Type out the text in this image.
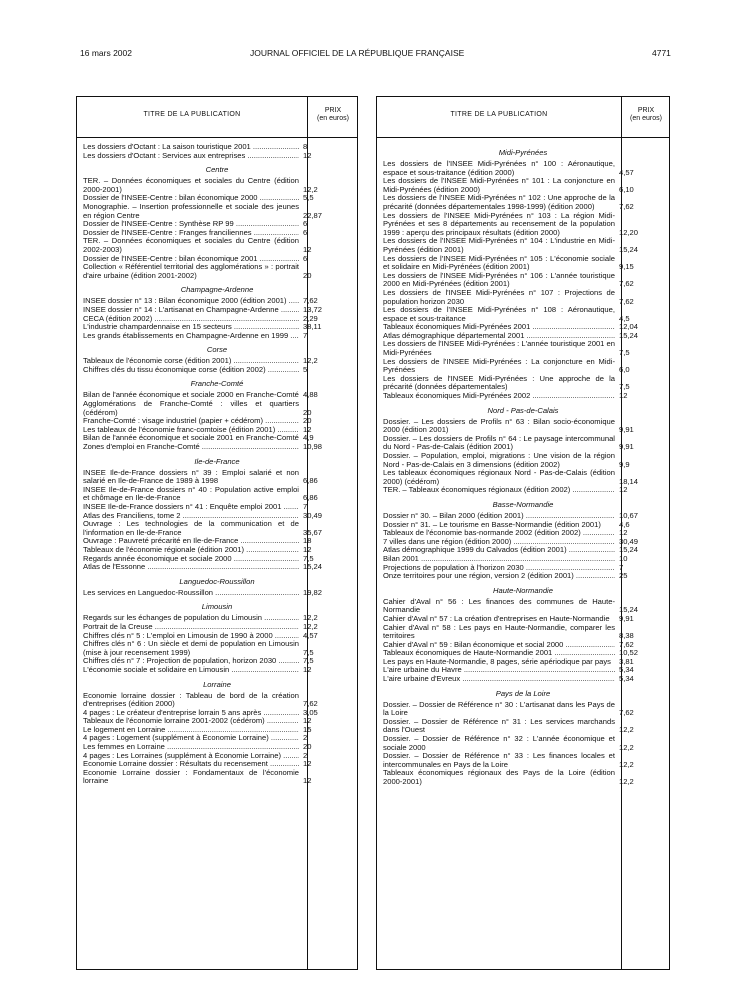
16 mars 2002	JOURNAL OFFICIEL DE LA RÉPUBLIQUE FRANÇAISE	4771
TITRE DE LA PUBLICATION
PRIX
(en euros)
Les dossiers d'Octant : La saison touristique 2001 .....	8
Les dossiers d'Octant : Services aux entreprises .....	12
Centre
TER. – Données économiques et sociales du Centre (édition 2000-2001)	12,2
Dossier de l'INSEE-Centre : bilan économique 2000 .....	5,5
Monographie. – Insertion professionnelle et sociale des jeunes en région Centre	22,87
Dossier de l'INSEE-Centre : Synthèse RP 99 .....	6
Dossier de l'INSEE-Centre : Franges franciliennes .....	6
TER. – Données économiques et sociales du Centre (édition 2002-2003)	12
Dossier de l'INSEE-Centre : bilan économique 2001 .....	6
Collection « Référentiel territorial des agglomérations » : portrait d'aire urbaine (édition 2001-2002)	20
Champagne-Ardenne
INSEE dossier n° 13 : Bilan économique 2000 (édition 2001) .....	7,62
INSEE dossier n° 14 : L'artisanat en Champagne-Ardenne .....	13,72
CECA (édition 2002) .....	2,29
L'industrie champardennaise en 15 secteurs .....	38,11
Les grands établissements en Champagne-Ardenne en 1999 .....	7
Corse
Tableaux de l'économie corse (édition 2001) .....	12,2
Chiffres clés du tissu économique corse (édition 2002) .....	5
Franche-Comté
Bilan de l'année économique et sociale 2000 en Franche-Comté 4,88
Agglomérations de Franche-Comté : villes et quartiers (cédérom)	20
Franche-Comté : visage industriel (papier + cédérom) .....	20
Les tableaux de l'économie franc-comtoise (édition 2001) .....	12
Bilan de l'année économique et sociale 2001 en Franche-Comté 4,9
Zones d'emploi en Franche-Comté .....	10,98
Ile-de-France
INSEE Ile-de-France dossiers n° 39 : Emploi salarié et non salarié en Ile-de-France de 1989 à 1998	6,86
INSEE Ile-de-France dossiers n° 40 : Population active emploi et chômage en Ile-de-France	6,86
INSEE Ile-de-France dossiers n° 41 : Enquête emploi 2001 .....	7
Atlas des Franciliens, tome 2 .....	30,49
Ouvrage : Les technologies de la communication et de l'information en Ile-de-France	35,67
Ouvrage : Pauvreté précarité en Ile-de-France .....	18
Tableaux de l'économie régionale (édition 2001) .....	12
Regards année économique et sociale 2000 .....	7,5
Atlas de l'Essonne .....	15,24
Languedoc-Roussillon
Les services en Languedoc-Roussillon .....	19,82
Limousin
Regards sur les échanges de population du Limousin .....	12,2
Portrait de la Creuse .....	12,2
Chiffres clés n° 5 : L'emploi en Limousin de 1990 à 2000 .....	4,57
Chiffres clés n° 6 : Un siècle et demi de population en Limousin (mise à jour recensement 1999)	7,5
Chiffres clés n° 7 : Projection de population, horizon 2030 .....	7,5
L'économie sociale et solidaire en Limousin .....	12
Lorraine
Economie lorraine dossier : Tableau de bord de la création d'entreprises (édition 2000)	7,62
4 pages : Le créateur d'entreprise lorrain 5 ans après .....	3,05
Tableaux de l'économie lorraine 2001-2002 (cédérom) .....	12
Le logement en Lorraine .....	15
4 pages : Logement (supplément à Économie Lorraine) .....	2
Les femmes en Lorraine .....	20
4 pages : Les Lorraines (supplément à Économie Lorraine) .....	2
Economie Lorraine dossier : Résultats du recensement .....	12
Economie Lorraine dossier : Fondamentaux de l'économie lorraine	12
TITRE DE LA PUBLICATION
PRIX
(en euros)
Midi-Pyrénées
Les dossiers de l'INSEE Midi-Pyrénées n° 100 : Aéronautique, espace et sous-traitance (édition 2000)	4,57
Les dossiers de l'INSEE Midi-Pyrénées n° 101 : La conjoncture en Midi-Pyrénées (édition 2000)	6,10
Les dossiers de l'INSEE Midi-Pyrénées n° 102 : Une approche de la précarité (données départementales 1998-1999) (édition 2000)	7,62
Les dossiers de l'INSEE Midi-Pyrénées n° 103 : La région Midi-Pyrénées et ses 8 départements au recensement de la population 1999 : aperçu des principaux résultats (édition 2000)	12,20
Les dossiers de l'INSEE Midi-Pyrénées n° 104 : L'industrie en Midi-Pyrénées (édition 2001)	15,24
Les dossiers de l'INSEE Midi-Pyrénées n° 105 : L'économie sociale et solidaire en Midi-Pyrénées (édition 2001)	9,15
Les dossiers de l'INSEE Midi-Pyrénées n° 106 : L'année touristique 2000 en Midi-Pyrénées (édition 2001)	7,62
Les dossiers de l'INSEE Midi-Pyrénées n° 107 : Projections de population horizon 2030	7,62
Les dossiers de l'INSEE Midi-Pyrénées n° 108 : Aéronautique, espace et sous-traitance	4,5
Tableaux économiques Midi-Pyrénées 2001 .....	12,04
Atlas démographique départemental 2001 .....	15,24
Les dossiers de l'INSEE Midi-Pyrénées : L'année touristique 2001 en Midi-Pyrénées	7,5
Les dossiers de l'INSEE Midi-Pyrénées : La conjoncture en Midi-Pyrénées	6,0
Les dossiers de l'INSEE Midi-Pyrénées : Une approche de la précarité (données départementales)	7,5
Tableaux économiques Midi-Pyrénées 2002 .....	12
Nord - Pas-de-Calais
Dossier. – Les dossiers de Profils n° 63 : Bilan socio-économique 2000 (édition 2001)	9,91
Dossier. – Les dossiers de Profils n° 64 : Le paysage intercommunal du Nord - Pas-de-Calais (édition 2001)	9,91
Dossier. – Population, emploi, migrations : Une vision de la région Nord - Pas-de-Calais en 3 dimensions (édition 2002)	9,9
Les tableaux économiques régionaux Nord - Pas-de-Calais (édition 2000) (cédérom)	18,14
TER. – Tableaux économiques régionaux (édition 2002) .....	12
Basse-Normandie
Dossier n° 30. – Bilan 2000 (édition 2001) .....	10,67
Dossier n° 31. – Le tourisme en Basse-Normandie (édition 2001)	4,6
Tableaux de l'économie bas-normande 2002 (édition 2002) .....	12
7 villes dans une région (édition 2000) .....	30,49
Atlas démographique 1999 du Calvados (édition 2001) .....	15,24
Bilan 2001 .....	10
Projections de population à l'horizon 2030 .....	7
Onze territoires pour une région, version 2 (édition 2001) .....	25
Haute-Normandie
Cahier d'Aval n° 56 : Les finances des communes de Haute-Normandie	15,24
Cahier d'Aval n° 57 : La création d'entreprises en Haute-Normandie	9,91
Cahier d'Aval n° 58 : Les pays en Haute-Normandie, comparer les territoires	8,38
Cahier d'Aval n° 59 : Bilan économique et social 2000 .....	7,62
Tableaux économiques de Haute-Normandie 2001 .....	10,52
Les pays en Haute-Normandie, 8 pages, série apériodique par pays	3,81
L'aire urbaine du Havre .....	5,34
L'aire urbaine d'Evreux .....	5,34
Pays de la Loire
Dossier. – Dossier de Référence n° 30 : L'artisanat dans les Pays de la Loire	7,62
Dossier. – Dossier de Référence n° 31 : Les services marchands dans l'Ouest	12,2
Dossier. – Dossier de Référence n° 32 : L'année économique et sociale 2000	12,2
Dossier. – Dossier de Référence n° 33 : Les finances locales et intercommunales en Pays de la Loire	12,2
Tableaux économiques régionaux des Pays de la Loire (édition 2000-2001)	12,2
